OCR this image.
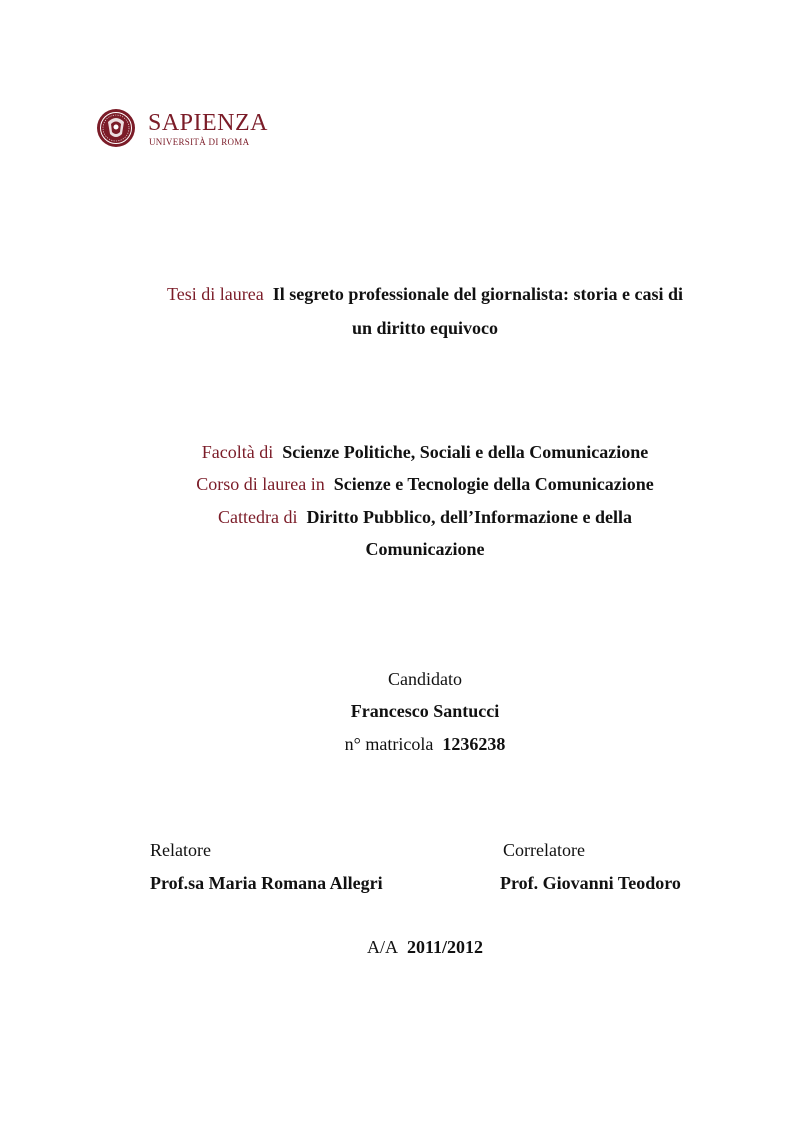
SAPIENZA
UNIVERSITÀ DI ROMA
Tesi di laurea Il segreto professionale del giornalista: storia e casi di
un diritto equivoco
Facoltà di Scienze Politiche, Sociali e della Comunicazione
Corso di laurea in Scienze e Tecnologie della Comunicazione
Cattedra di Diritto Pubblico, dell’Informazione e della
Comunicazione
Candidato
Francesco Santucci
n° matricola 1236238
Relatore
Prof.sa Maria Romana Allegri
Correlatore
Prof. Giovanni Teodoro
A/A 2011/2012
